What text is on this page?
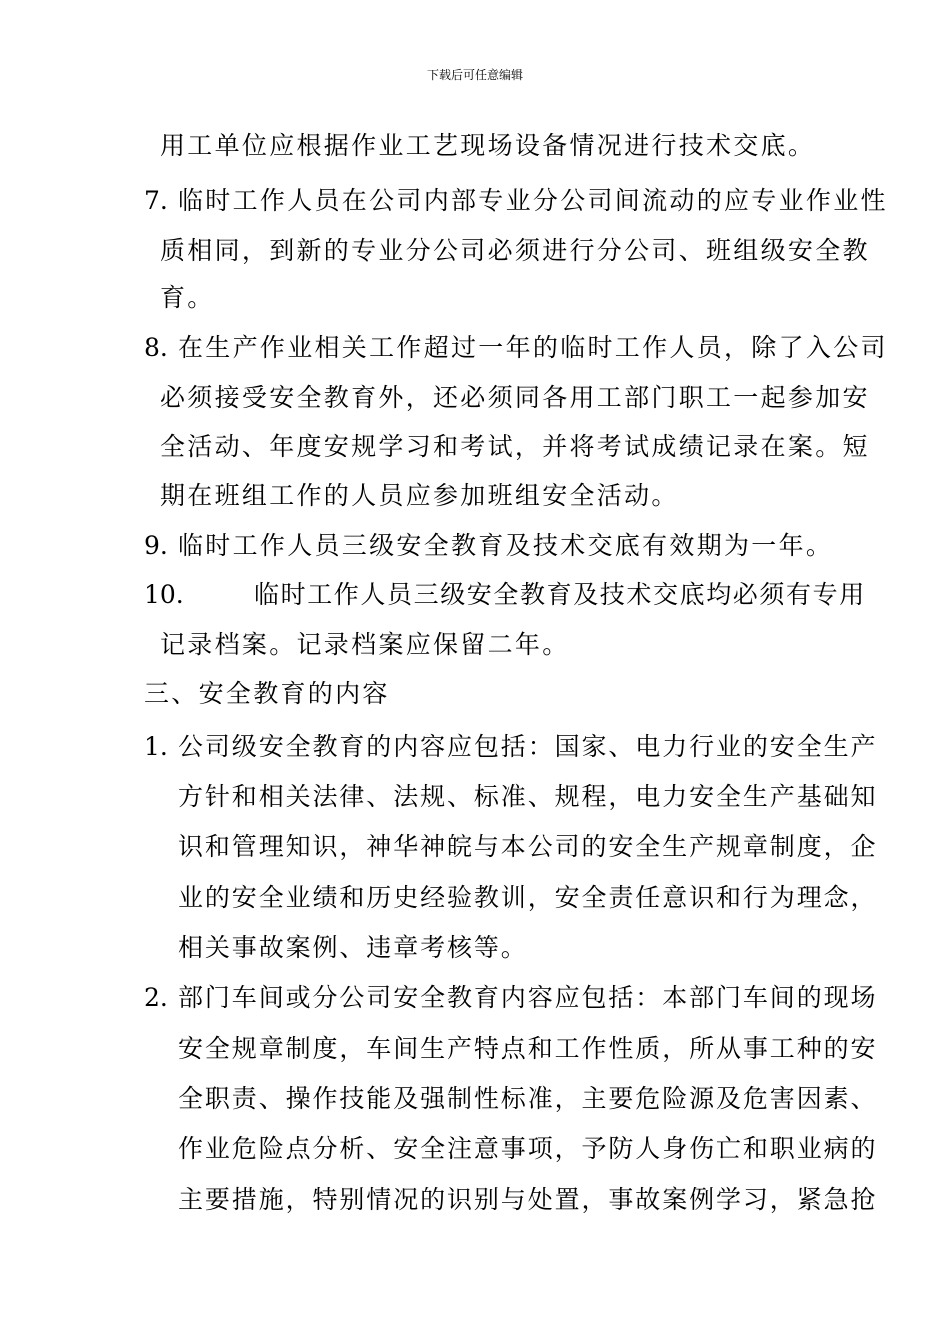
下载后可任意编辑
用工单位应根据作业工艺现场设备情况进行技术交底。
7. 临时工作人员在公司内部专业分公司间流动的应专业作业性
质相同，到新的专业分公司必须进行分公司、班组级安全教
育。
8. 在生产作业相关工作超过一年的临时工作人员，除了入公司
必须接受安全教育外，还必须同各用工部门职工一起参加安
全活动、年度安规学习和考试，并将考试成绩记录在案。短
期在班组工作的人员应参加班组安全活动。
9. 临时工作人员三级安全教育及技术交底有效期为一年。
10.	临时工作人员三级安全教育及技术交底均必须有专用
记录档案。记录档案应保留二年。
三、安全教育的内容
1. 公司级安全教育的内容应包括：国家、电力行业的安全生产
方针和相关法律、法规、标准、规程，电力安全生产基础知
识和管理知识，神华神皖与本公司的安全生产规章制度，企
业的安全业绩和历史经验教训，安全责任意识和行为理念，
相关事故案例、违章考核等。
2. 部门车间或分公司安全教育内容应包括：本部门车间的现场
安全规章制度，车间生产特点和工作性质，所从事工种的安
全职责、操作技能及强制性标准，主要危险源及危害因素、
作业危险点分析、安全注意事项，予防人身伤亡和职业病的
主要措施，特别情况的识别与处置，事故案例学习，紧急抢
